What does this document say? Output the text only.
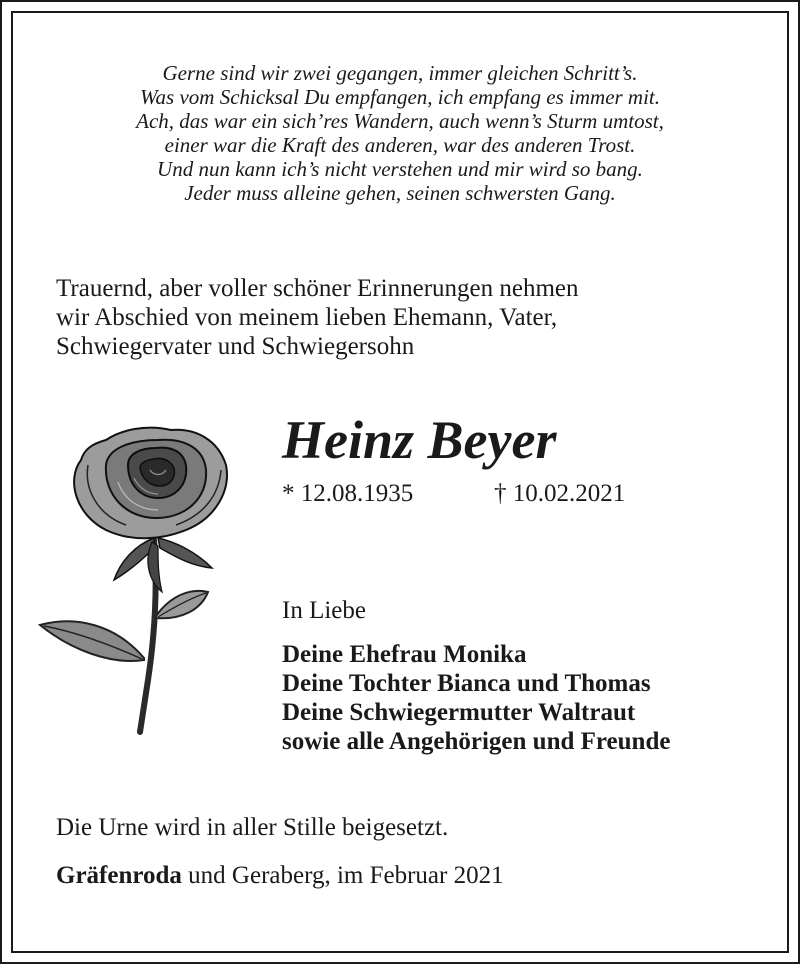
Gerne sind wir zwei gegangen, immer gleichen Schritt’s.
Was vom Schicksal Du empfangen, ich empfang es immer mit.
Ach, das war ein sich’res Wandern, auch wenn’s Sturm umtost,
einer war die Kraft des anderen, war des anderen Trost.
Und nun kann ich’s nicht verstehen und mir wird so bang.
Jeder muss alleine gehen, seinen schwersten Gang.
Trauernd, aber voller schöner Erinnerungen nehmen
wir Abschied von meinem lieben Ehemann, Vater,
Schwiegervater und Schwiegersohn
Heinz Beyer
* 12.08.1935	† 10.02.2021
In Liebe
Deine Ehefrau Monika
Deine Tochter Bianca und Thomas
Deine Schwiegermutter Waltraut
sowie alle Angehörigen und Freunde
Die Urne wird in aller Stille beigesetzt.
Gräfenroda und Geraberg, im Februar 2021
